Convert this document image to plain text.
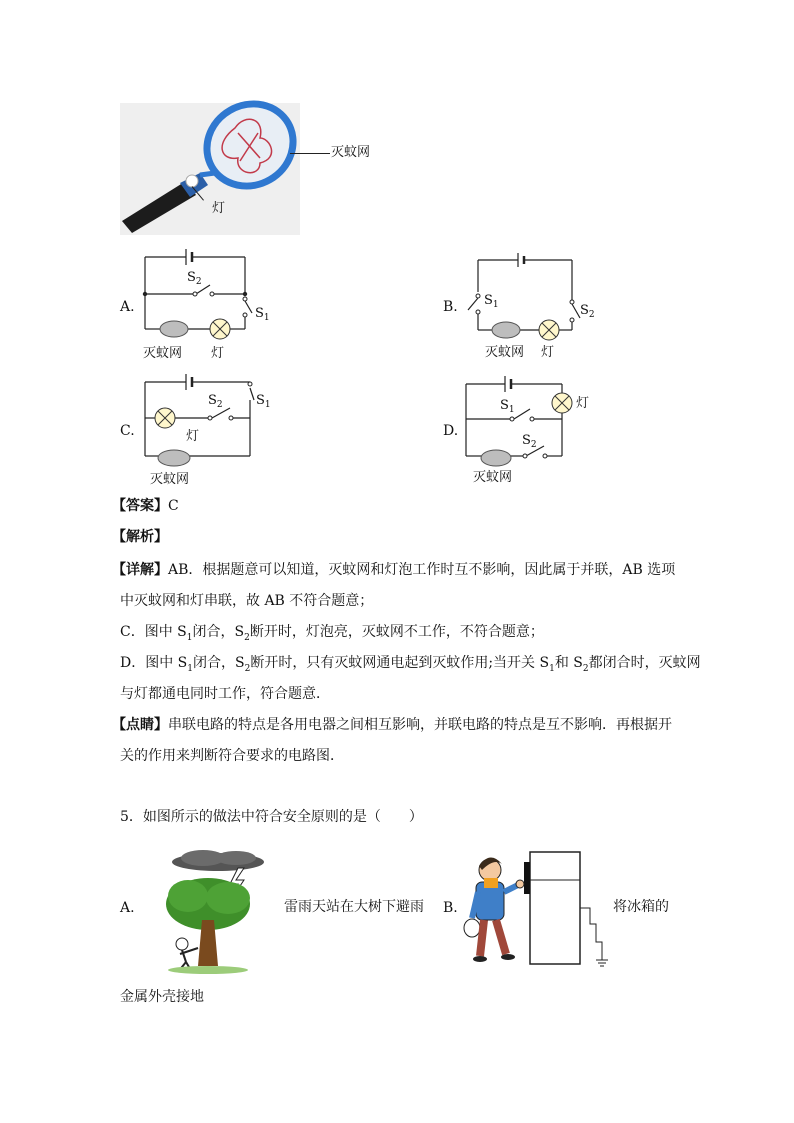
灭蚊网
灯
A.
$S_2$
$S_1$
灭蚊网 灯
B. $S_1$	$S_2$
灭蚊网 灯
C.
$S_2$	$S_1$
灯
灭蚊网
D.
$S_1$	灯
$S_2$
灭蚊网
【答案】C
【解析】
【详解】AB．根据题意可以知道，灭蚊网和灯泡工作时互不影响，因此属于并联，AB 选项
中灭蚊网和灯串联，故 AB 不符合题意；
C．图中 $S_1$闭合，$S_2$断开时，灯泡亮，灭蚊网不工作，不符合题意；
D．图中 $S_1$闭合，$S_2$断开时，只有灭蚊网通电起到灭蚊作用;当开关 $S_1$和 $S_2$都闭合时，灭蚊网
与灯都通电同时工作，符合题意．
【点睛】串联电路的特点是各用电器之间相互影响，并联电路的特点是互不影响．再根据开
关的作用来判断符合要求的电路图．
5．如图所示的做法中符合安全原则的是（　　）
A.	雷雨天站在大树下避雨 B.	将冰箱的
金属外壳接地
